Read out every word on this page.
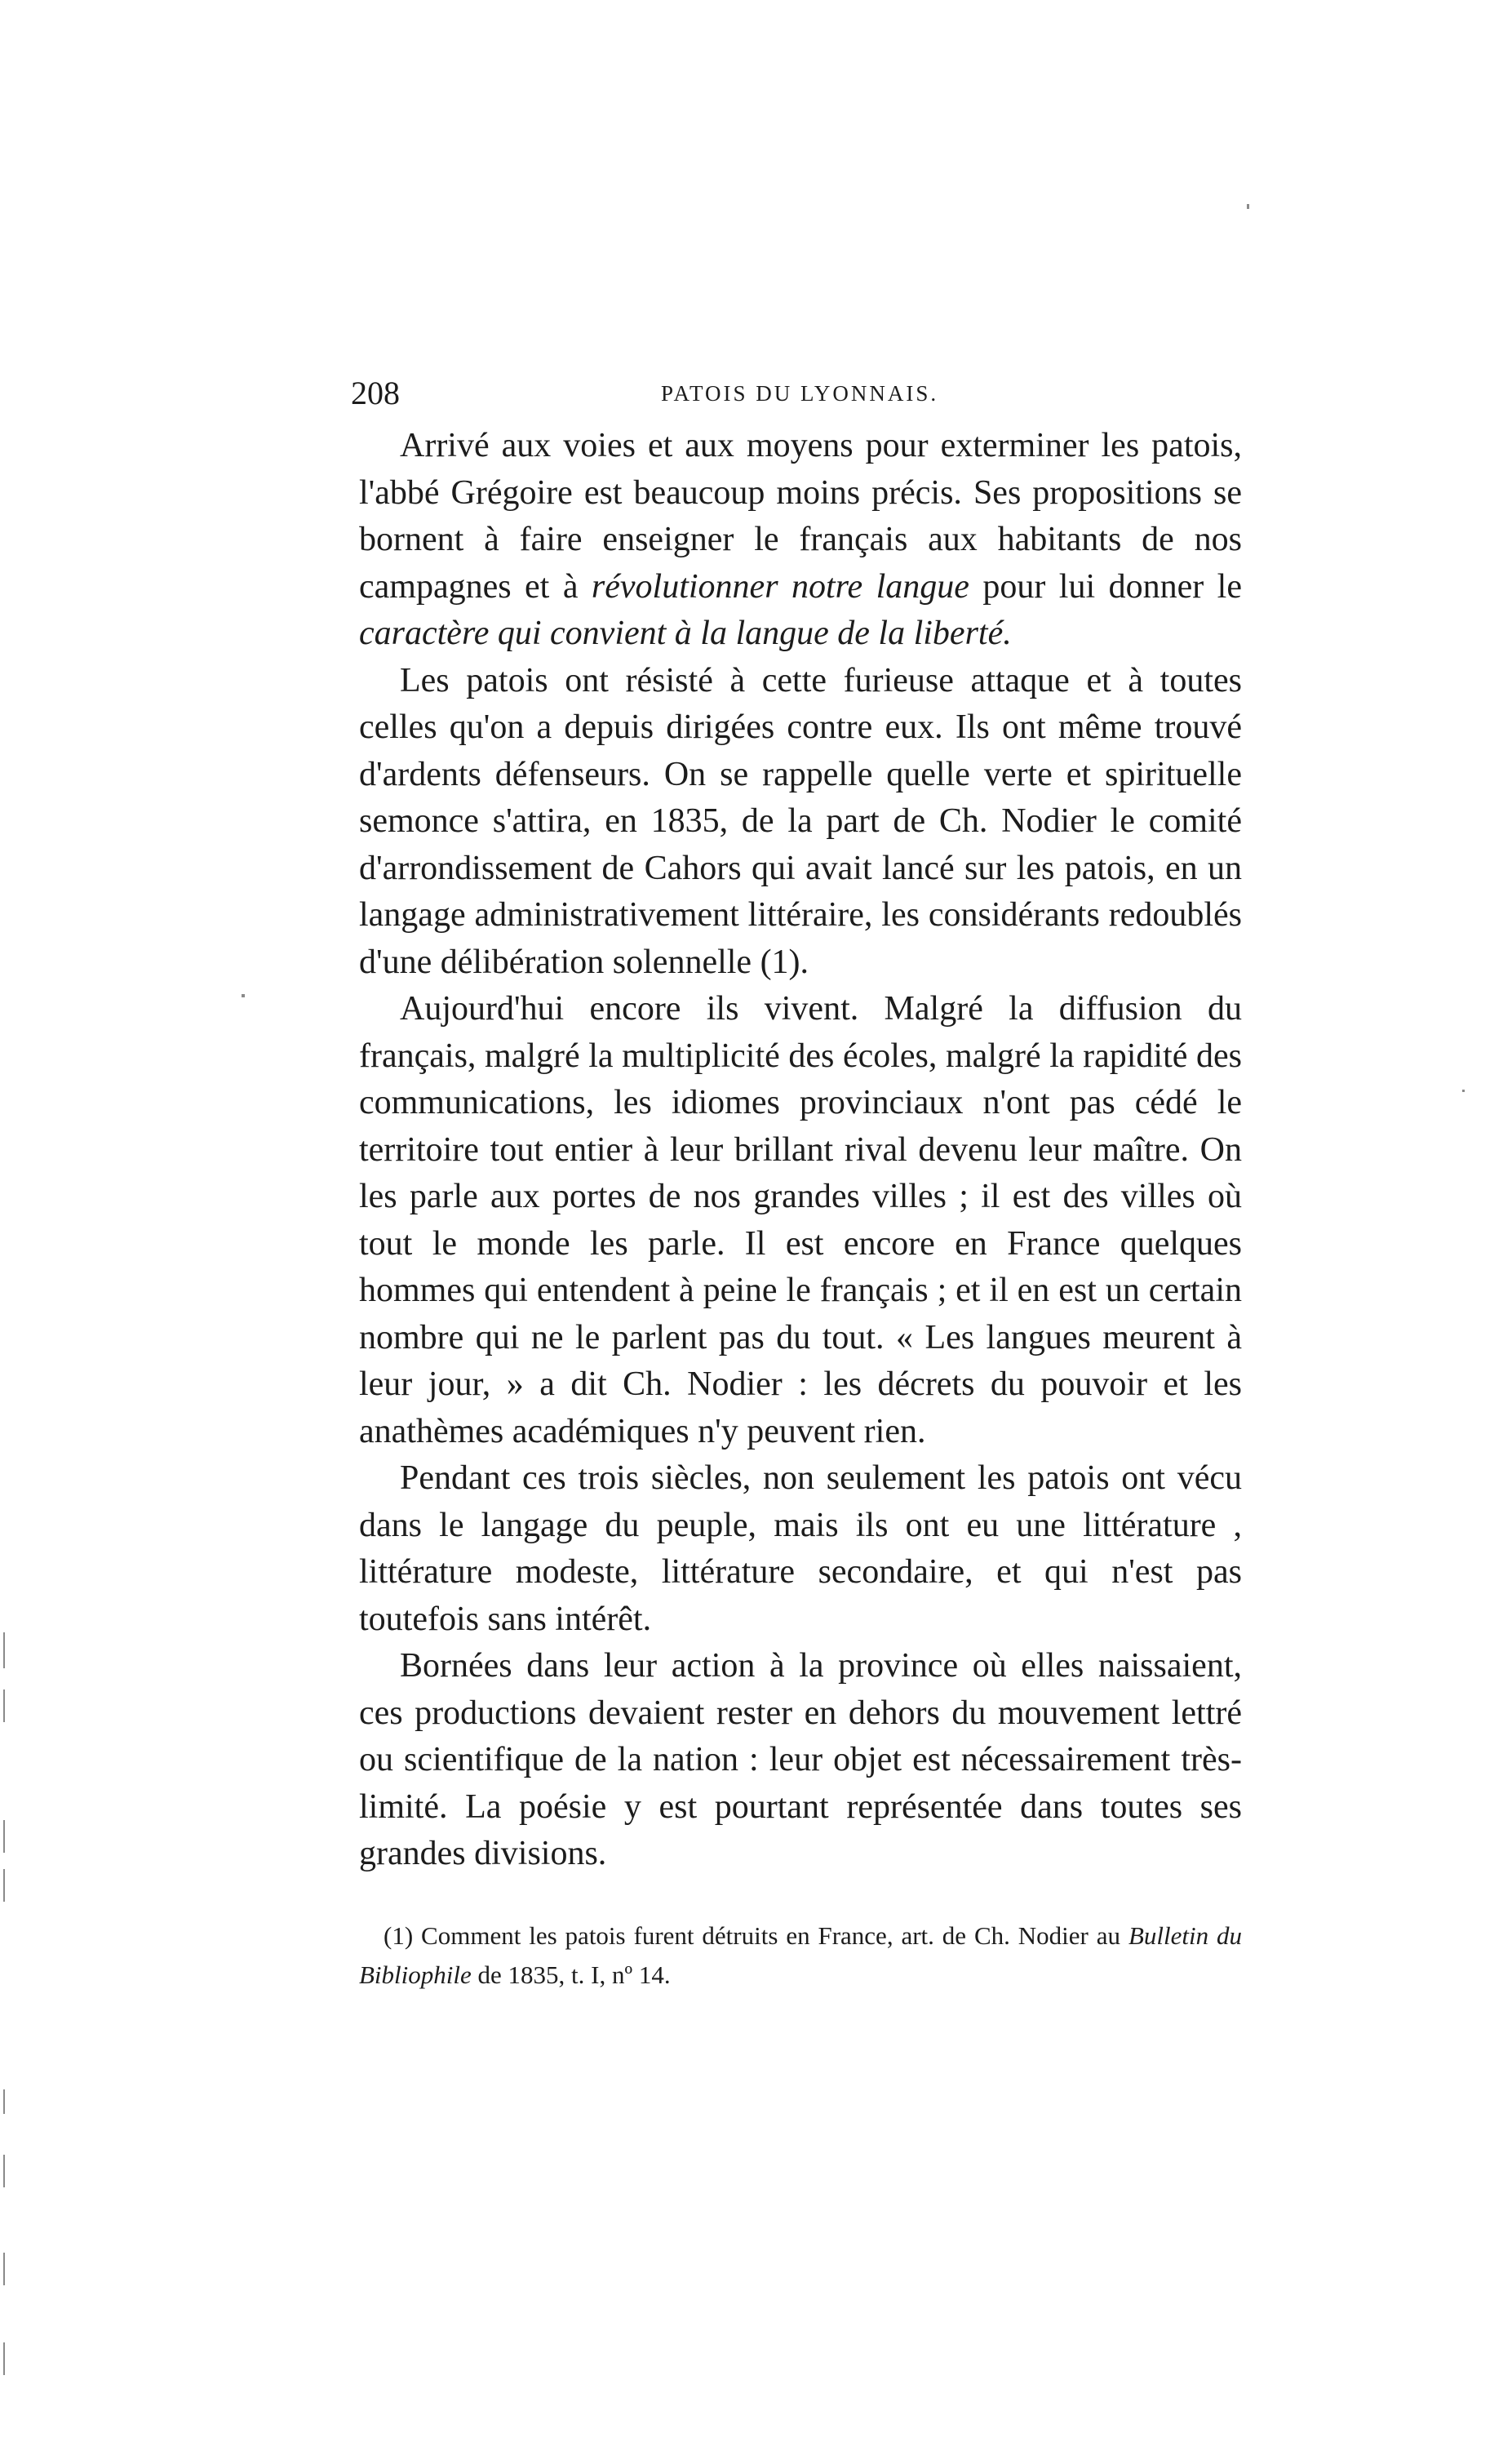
208	PATOIS DU LYONNAIS.

Arrivé aux voies et aux moyens pour exterminer les patois, l'abbé Grégoire est beaucoup moins précis. Ses propositions se bornent à faire enseigner le français aux habitants de nos campagnes et à révolutionner notre langue pour lui donner le caractère qui convient à la langue de la liberté.

Les patois ont résisté à cette furieuse attaque et à toutes celles qu'on a depuis dirigées contre eux. Ils ont même trouvé d'ardents défenseurs. On se rappelle quelle verte et spirituelle semonce s'attira, en 1835, de la part de Ch. Nodier le comité d'arrondissement de Cahors qui avait lancé sur les patois, en un langage administrativement littéraire, les considérants redoublés d'une délibération solennelle (1).

Aujourd'hui encore ils vivent. Malgré la diffusion du français, malgré la multiplicité des écoles, malgré la rapidité des communications, les idiomes provinciaux n'ont pas cédé le territoire tout entier à leur brillant rival devenu leur maître. On les parle aux portes de nos grandes villes ; il est des villes où tout le monde les parle. Il est encore en France quelques hommes qui entendent à peine le français ; et il en est un certain nombre qui ne le parlent pas du tout. « Les langues meurent à leur jour, » a dit Ch. Nodier : les décrets du pouvoir et les anathèmes académiques n'y peuvent rien.

Pendant ces trois siècles, non seulement les patois ont vécu dans le langage du peuple, mais ils ont eu une littérature , littérature modeste, littérature secondaire, et qui n'est pas toutefois sans intérêt.

Bornées dans leur action à la province où elles naissaient, ces productions devaient rester en dehors du mouvement lettré ou scientifique de la nation : leur objet est nécessairement très-limité. La poésie y est pourtant représentée dans toutes ses grandes divisions.

(1) Comment les patois furent détruits en France, art. de Ch. Nodier au Bulletin du Bibliophile de 1835, t. I, nº 14.
